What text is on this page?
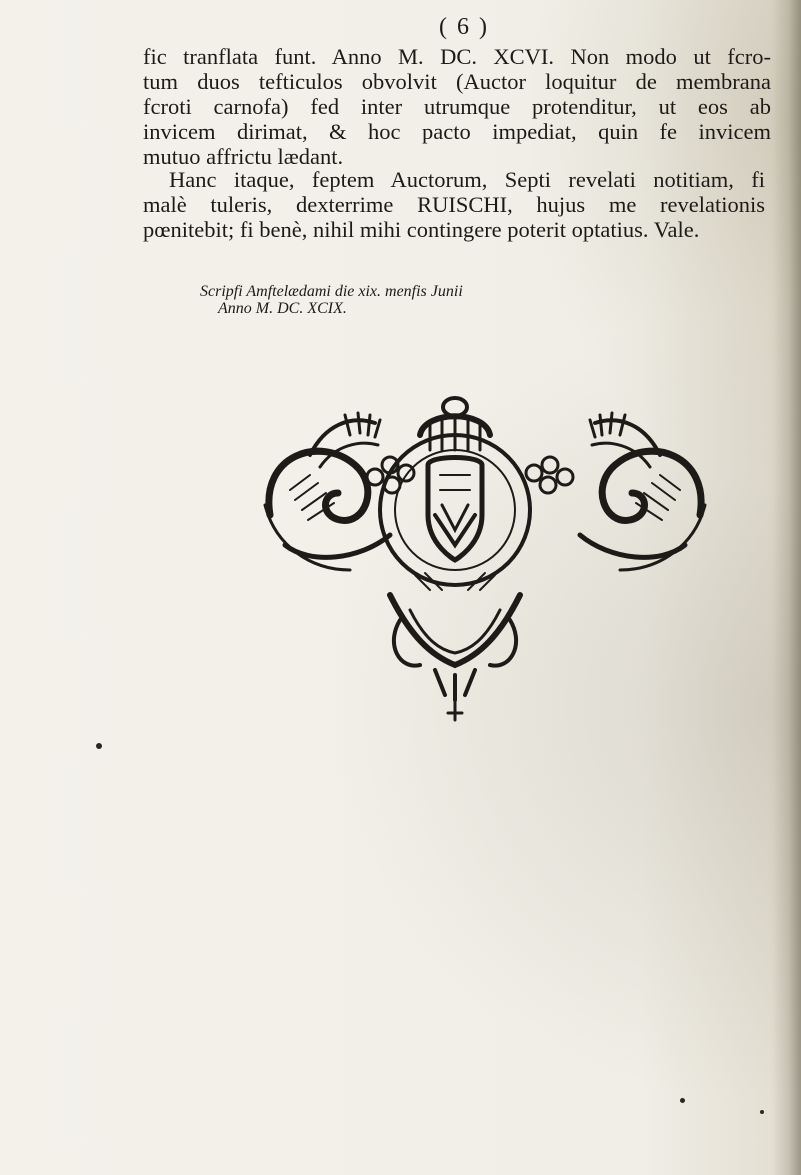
( 6 )
fic tranflata funt. Anno M. DC. XCVI. Non modo ut fcro-
tum duos tefticulos obvolvit (Auctor loquitur de membrana
fcroti carnofa) fed inter utrumque protenditur, ut eos ab
invicem dirimat, & hoc pacto impediat, quin fe invicem
mutuo affrictu lædant.
Hanc itaque, feptem Auctorum, Septi revelati notitiam, fi
malè tuleris, dexterrime RUISCHI, hujus me revelationis
pœnitebit; fi benè, nihil mihi contingere poterit optatius. Vale.
Scripfi Amftelædami die xix. menfis Junii
Anno M. DC. XCIX.
